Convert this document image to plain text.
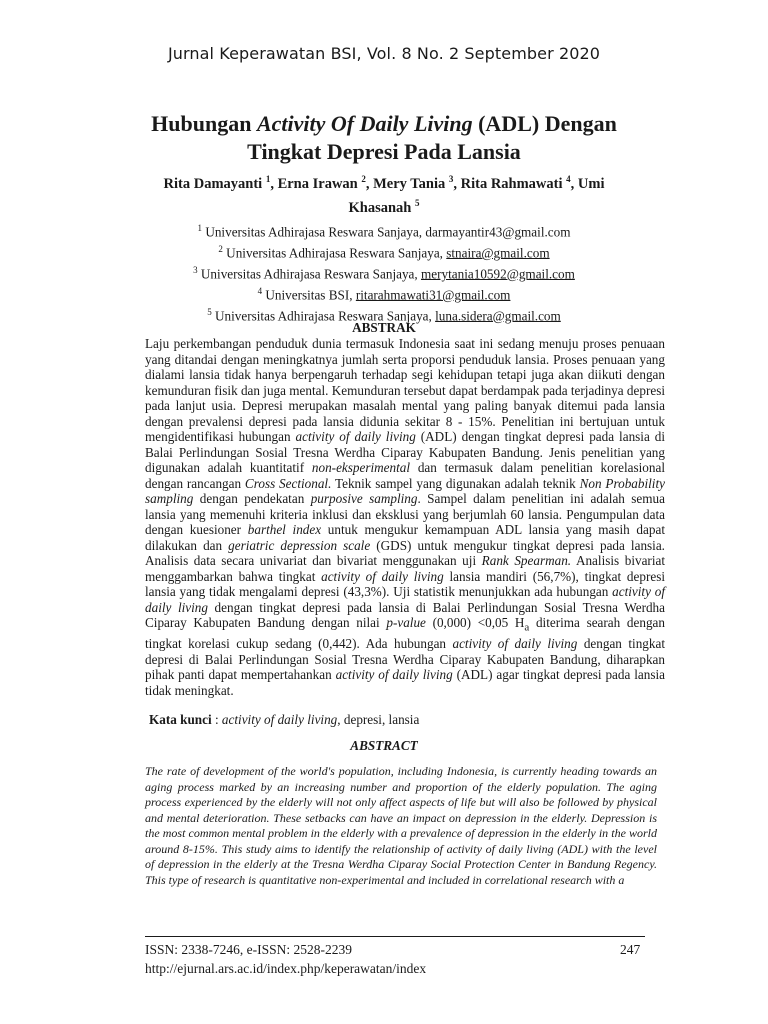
Jurnal Keperawatan BSI, Vol. 8 No. 2 September 2020
Hubungan Activity Of Daily Living (ADL) Dengan
Tingkat Depresi Pada Lansia
Rita Damayanti $^1$, Erna Irawan $^2$, Mery Tania $^3$, Rita Rahmawati $^4$, Umi Khasanah $^5$
$^1$ Universitas Adhirajasa Reswara Sanjaya, darmayantir43@gmail.com
$^2$ Universitas Adhirajasa Reswara Sanjaya, stnaira@gmail.com
$^3$ Universitas Adhirajasa Reswara Sanjaya, merytania10592@gmail.com
$^4$ Universitas BSI, ritarahmawati31@gmail.com
$^5$ Universitas Adhirajasa Reswara Sanjaya, luna.sidera@gmail.com
ABSTRAK
Laju perkembangan penduduk dunia termasuk Indonesia saat ini sedang menuju proses penuaan yang ditandai dengan meningkatnya jumlah serta proporsi penduduk lansia. Proses penuaan yang dialami lansia tidak hanya berpengaruh terhadap segi kehidupan tetapi juga akan diikuti dengan kemunduran fisik dan juga mental. Kemunduran tersebut dapat berdampak pada terjadinya depresi pada lanjut usia. Depresi merupakan masalah mental yang paling banyak ditemui pada lansia dengan prevalensi depresi pada lansia didunia sekitar 8 - 15%. Penelitian ini bertujuan untuk mengidentifikasi hubungan activity of daily living (ADL) dengan tingkat depresi pada lansia di Balai Perlindungan Sosial Tresna Werdha Ciparay Kabupaten Bandung. Jenis penelitian yang digunakan adalah kuantitatif non-eksperimental dan termasuk dalam penelitian korelasional dengan rancangan Cross Sectional. Teknik sampel yang digunakan adalah teknik Non Probability sampling dengan pendekatan purposive sampling. Sampel dalam penelitian ini adalah semua lansia yang memenuhi kriteria inklusi dan eksklusi yang berjumlah 60 lansia. Pengumpulan data dengan kuesioner barthel index untuk mengukur kemampuan ADL lansia yang masih dapat dilakukan dan geriatric depression scale (GDS) untuk mengukur tingkat depresi pada lansia. Analisis data secara univariat dan bivariat menggunakan uji Rank Spearman. Analisis bivariat menggambarkan bahwa tingkat activity of daily living lansia mandiri (56,7%), tingkat depresi lansia yang tidak mengalami depresi (43,3%). Uji statistik menunjukkan ada hubungan activity of daily living dengan tingkat depresi pada lansia di Balai Perlindungan Sosial Tresna Werdha Ciparay Kabupaten Bandung dengan nilai p-value (0,000) <0,05 $H_a$ diterima searah dengan tingkat korelasi cukup sedang (0,442). Ada hubungan activity of daily living dengan tingkat depresi di Balai Perlindungan Sosial Tresna Werdha Ciparay Kabupaten Bandung, diharapkan pihak panti dapat mempertahankan activity of daily living (ADL) agar tingkat depresi pada lansia tidak meningkat.
Kata kunci : activity of daily living, depresi, lansia
ABSTRACT
The rate of development of the world's population, including Indonesia, is currently heading towards an aging process marked by an increasing number and proportion of the elderly population. The aging process experienced by the elderly will not only affect aspects of life but will also be followed by physical and mental deterioration. These setbacks can have an impact on depression in the elderly. Depression is the most common mental problem in the elderly with a prevalence of depression in the elderly in the world around 8-15%. This study aims to identify the relationship of activity of daily living (ADL) with the level of depression in the elderly at the Tresna Werdha Ciparay Social Protection Center in Bandung Regency. This type of research is quantitative non-experimental and included in correlational research with a
ISSN: 2338-7246, e-ISSN: 2528-2239	247
http://ejurnal.ars.ac.id/index.php/keperawatan/index
